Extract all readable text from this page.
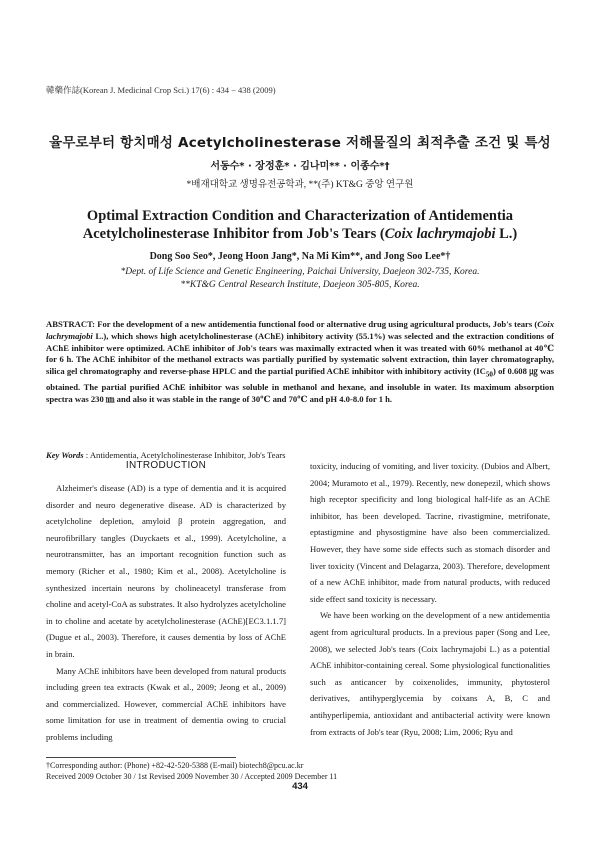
韓藥作誌(Korean J. Medicinal Crop Sci.) 17(6) : 434 − 438 (2009)
율무로부터 항치매성 Acetylcholinesterase 저해물질의 최적추출 조건 및 특성
서동수* · 장정훈* · 김나미** · 이종수*†
*배재대학교 생명유전공학과, **(주) KT&G 중앙 연구원
Optimal Extraction Condition and Characterization of Antidementia
Acetylcholinesterase Inhibitor from Job's Tears (Coix lachrymajobi L.)
Dong Soo Seo*, Jeong Hoon Jang*, Na Mi Kim**, and Jong Soo Lee*†
*Dept. of Life Science and Genetic Engineering, Paichai University, Daejeon 302-735, Korea.
**KT&G Central Research Institute, Daejeon 305-805, Korea.
ABSTRACT: For the development of a new antidementia functional food or alternative drug using agricultural products, Job's tears (Coix lachrymajobi L.), which shows high acetylcholinesterase (AChE) inhibitory activity (55.1%) was selected and the extraction conditions of AChE inhibitor were optimized. AChE inhibitor of Job's tears was maximally extracted when it was treated with 60% methanol at 40℃ for 6 h. The AChE inhibitor of the methanol extracts was partially purified by systematic solvent extraction, thin layer chromatography, silica gel chromatography and reverse-phase HPLC and the partial purified AChE inhibitor with inhibitory activity $(IC_{50})$ of 0.608 ㎍ was obtained. The partial purified AChE inhibitor was soluble in methanol and hexane, and insoluble in water. Its maximum absorption spectra was 230 ㎚ and also it was stable in the range of 30℃ and 70℃ and pH 4.0-8.0 for 1 h.
Key Words : Antidementia, Acetylcholinesterase Inhibitor, Job's Tears
INTRODUCTION

Alzheimer's disease (AD) is a type of dementia and it is acquired disorder and neuro degenerative disease. AD is characterized by acetylcholine depletion, amyloid β protein aggregation, and neurofibrillary tangles (Duyckaets et al., 1999). Acetylcholine, a neurotransmitter, has an important recognition function such as memory (Richer et al., 1980; Kim et al., 2008). Acetylcholine is synthesized incertain neurons by cholineacetyl transferase from choline and acetyl-CoA as substrates. It also hydrolyzes acetylcholine in to choline and acetate by acetylcholinesterase (AChE)[EC3.1.1.7] (Dugue et al., 2003). Therefore, it causes dementia by loss of AChE in brain.

Many AChE inhibitors have been developed from natural products including green tea extracts (Kwak et al., 2009; Jeong et al., 2009) and commercialized. However, commercial AChE inhibitors have some limitation for use in treatment of dementia owing to crucial problems including

toxicity, inducing of vomiting, and liver toxicity. (Dubios and Albert, 2004; Muramoto et al., 1979). Recently, new donepezil, which shows high receptor specificity and long biological half-life as an AChE inhibitor, has been developed. Tacrine, rivastigmine, metrifonate, eptastigmine and physostigmine have also been commercialized. However, they have some side effects such as stomach disorder and liver toxicity (Vincent and Delagarza, 2003). Therefore, development of a new AChE inhibitor, made from natural products, with reduced side effect sand toxicity is necessary.

We have been working on the development of a new antidementia agent from agricultural products. In a previous paper (Song and Lee, 2008), we selected Job's tears (Coix lachrymajobi L.) as a potential AChE inhibitor-containing cereal. Some physiological functionalities such as anticancer by coixenolides, immunity, phytosterol derivatives, antihyperglycemia by coixans A, B, C and antihyperlipemia, antioxidant and antibacterial activity were known from extracts of Job's tear (Ryu, 2008; Lim, 2006; Ryu and

†Corresponding author: (Phone) +82-42-520-5388 (E-mail) biotech8@pcu.ac.kr
Received 2009 October 30 / 1st Revised 2009 November 30 / Accepted 2009 December 11
434
